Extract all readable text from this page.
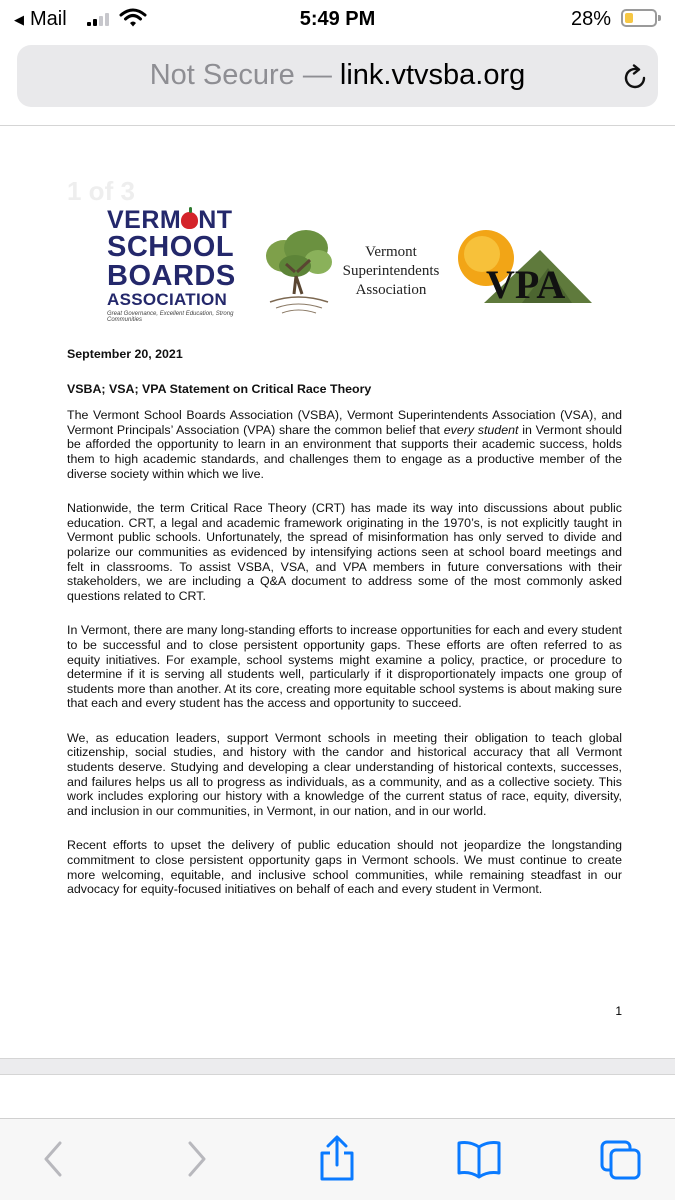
◀ Mail	5:49 PM	28%
Not Secure — link.vtvsba.org
1 of 3
VERM NT
SCHOOL
BOARDS
ASSOCIATION
Great Governance, Excellent Education, Strong Communities
Vermont
Superintendents
Association	VPA
September 20, 2021
VSBA; VSA; VPA Statement on Critical Race Theory

The Vermont School Boards Association (VSBA), Vermont Superintendents Association (VSA), and Vermont Principals’ Association (VPA) share the common belief that every student in Vermont should be afforded the opportunity to learn in an environment that supports their academic success, holds them to high academic standards, and challenges them to engage as a productive member of the diverse society within which we live.

Nationwide, the term Critical Race Theory (CRT) has made its way into discussions about public education. CRT, a legal and academic framework originating in the 1970’s, is not explicitly taught in Vermont public schools. Unfortunately, the spread of misinformation has only served to divide and polarize our communities as evidenced by intensifying actions seen at school board meetings and felt in classrooms. To assist VSBA, VSA, and VPA members in future conversations with their stakeholders, we are including a Q&A document to address some of the most commonly asked questions related to CRT.

In Vermont, there are many long-standing efforts to increase opportunities for each and every student to be successful and to close persistent opportunity gaps. These efforts are often referred to as equity initiatives. For example, school systems might examine a policy, practice, or procedure to determine if it is serving all students well, particularly if it disproportionately impacts one group of students more than another. At its core, creating more equitable school systems is about making sure that each and every student has the access and opportunity to succeed.

We, as education leaders, support Vermont schools in meeting their obligation to teach global citizenship, social studies, and history with the candor and historical accuracy that all Vermont students deserve. Studying and developing a clear understanding of historical contexts, successes, and failures helps us all to progress as individuals, as a community, and as a collective society. This work includes exploring our history with a knowledge of the current status of race, equity, diversity, and inclusion in our communities, in Vermont, in our nation, and in our world.

Recent efforts to upset the delivery of public education should not jeopardize the longstanding commitment to close persistent opportunity gaps in Vermont schools. We must continue to create more welcoming, equitable, and inclusive school communities, while remaining steadfast in our advocacy for equity-focused initiatives on behalf of each and every student in Vermont.

1
